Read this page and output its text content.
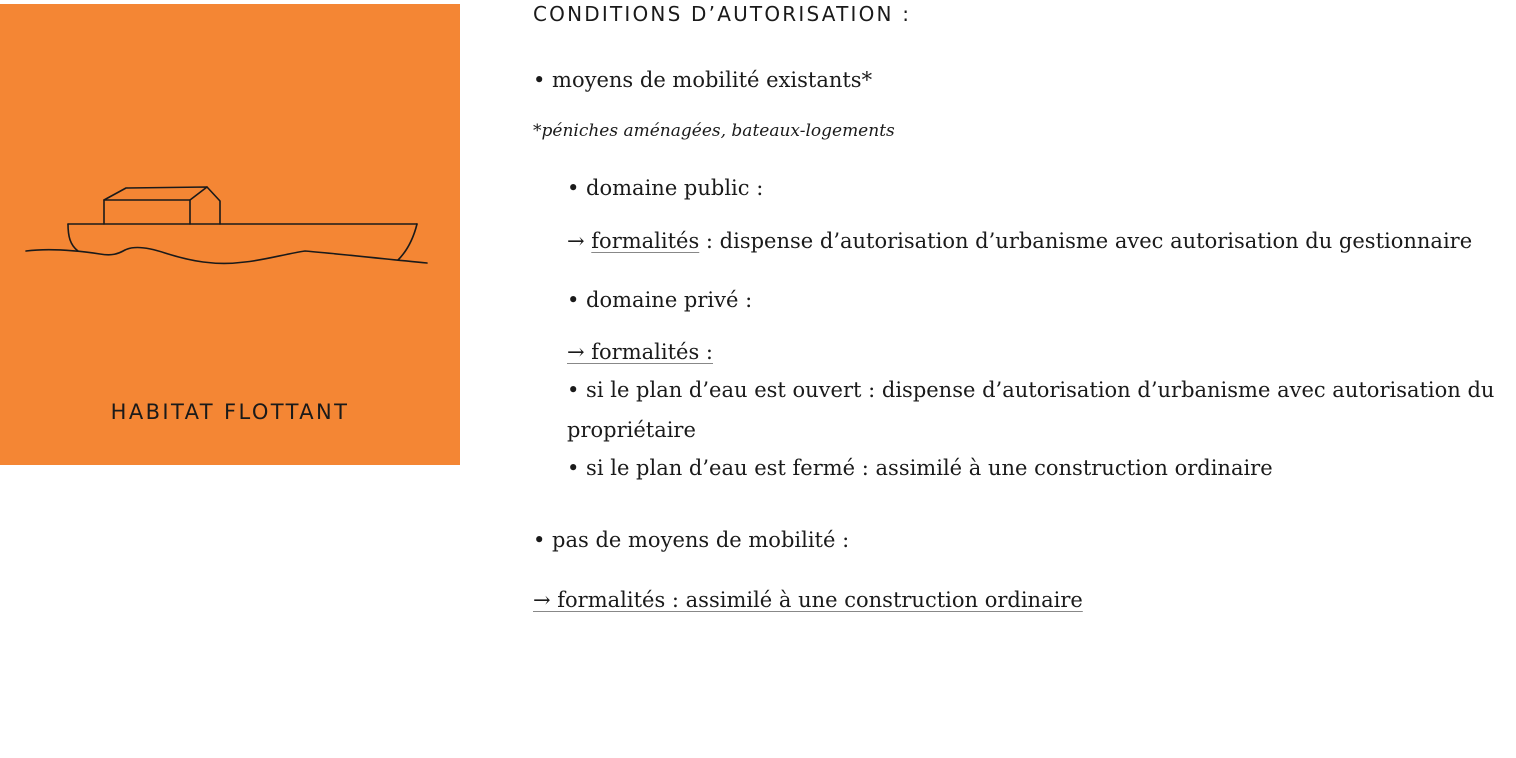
HABITAT FLOTTANT
CONDITIONS D’AUTORISATION :
• moyens de mobilité existants*
*péniches aménagées, bateaux-logements
• domaine public :
→ formalités : dispense d’autorisation d’urbanisme avec autorisation du gestionnaire
• domaine privé :
→ formalités :
• si le plan d’eau est ouvert : dispense d’autorisation d’urbanisme avec autorisation du
propriétaire
• si le plan d’eau est fermé : assimilé à une construction ordinaire
• pas de moyens de mobilité :
→ formalités : assimilé à une construction ordinaire
